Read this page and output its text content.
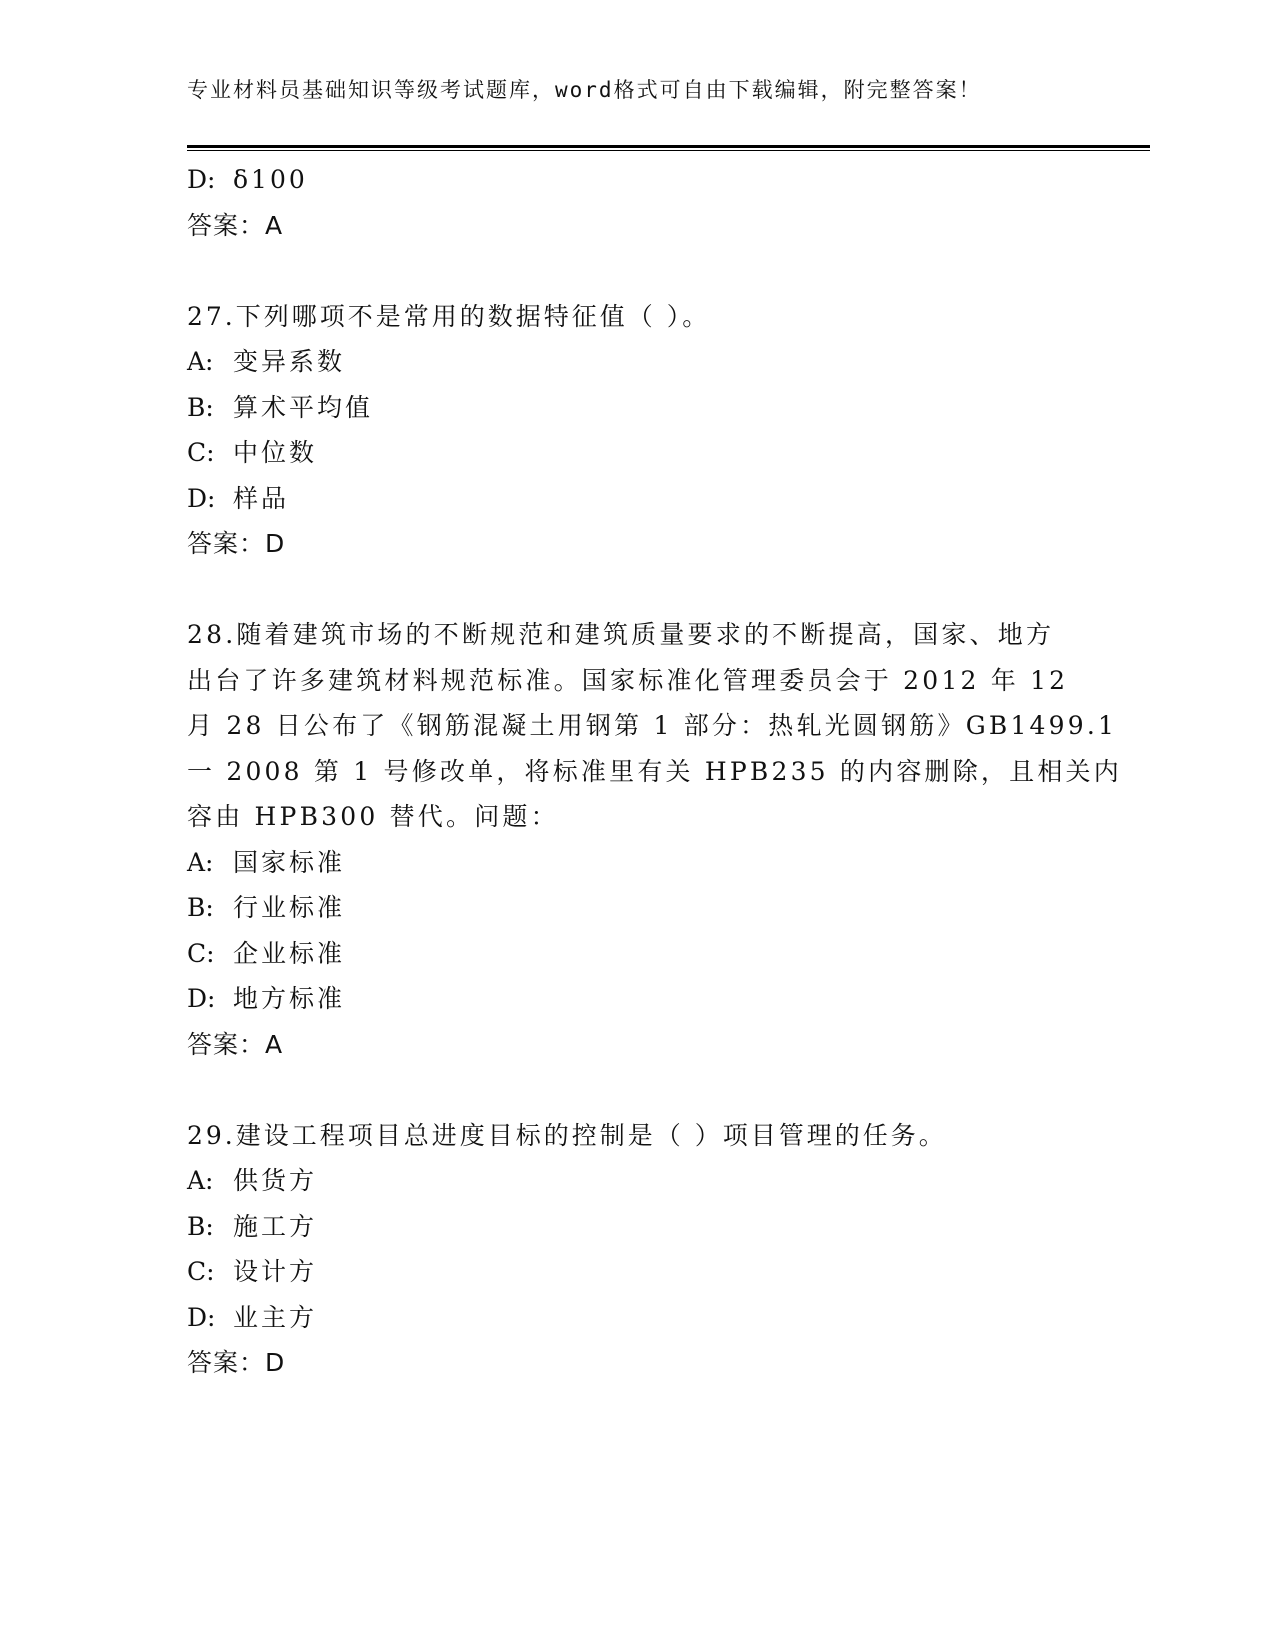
专业材料员基础知识等级考试题库，word格式可自由下载编辑，附完整答案！
D: δ100
答案：A
27.下列哪项不是常用的数据特征值（ ）。
A: 变异系数
B: 算术平均值
C: 中位数
D: 样品
答案：D
28.随着建筑市场的不断规范和建筑质量要求的不断提高，国家、地方
出台了许多建筑材料规范标准。国家标准化管理委员会于 2012 年 12
月 28 日公布了《钢筋混凝土用钢第 1 部分：热轧光圆钢筋》GB1499.1
一 2008 第 1 号修改单，将标准里有关 HPB235 的内容删除，且相关内
容由 HPB300 替代。问题：
A: 国家标准
B: 行业标准
C: 企业标准
D: 地方标准
答案：A
29.建设工程项目总进度目标的控制是（ ）项目管理的任务。
A: 供货方
B: 施工方
C: 设计方
D: 业主方
答案：D
